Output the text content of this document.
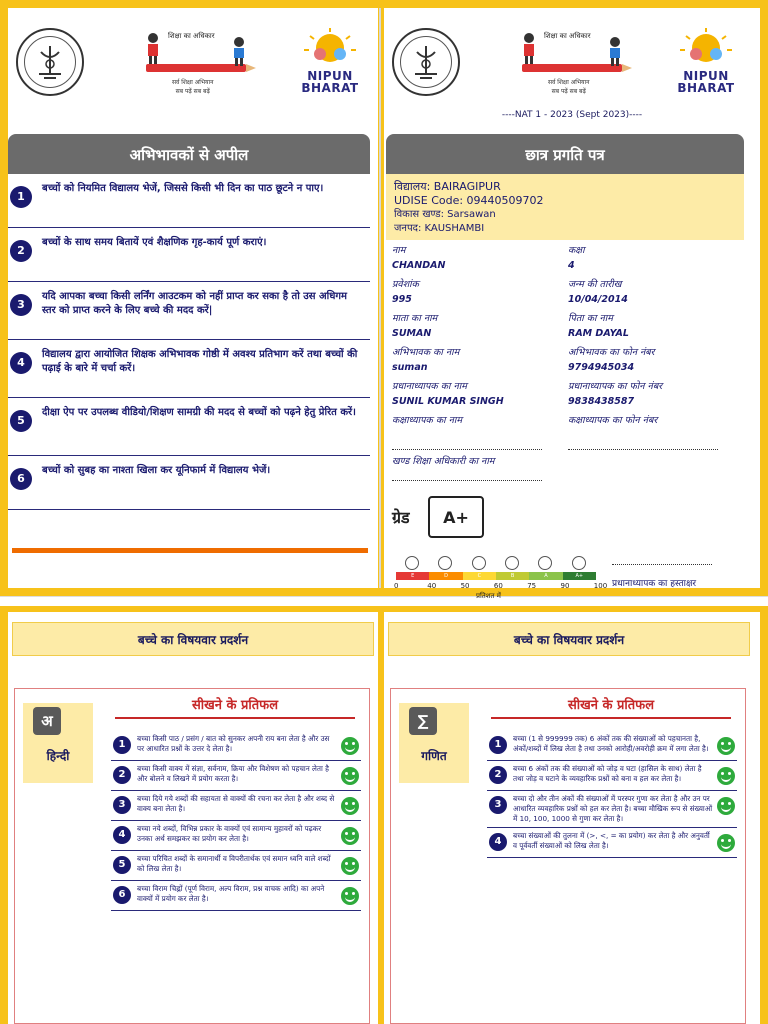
शिक्षा का अधिकार
सर्व शिक्षा अभियान
सब पढ़ें सब बढ़ें
NIPUN
BHARAT
अभिभावकों से अपील
1
बच्चों को नियमित विद्यालय भेजें, जिससे किसी भी दिन का पाठ छूटने न पाए।
2
बच्चों के साथ समय बितायें एवं शैक्षणिक गृह-कार्य पूर्ण कराएं।
3
यदि आपका बच्चा किसी लर्निंग आउटकम को नहीं प्राप्त कर सका है तो उस अधिगम स्तर को प्राप्त करने के लिए बच्चे की मदद करें|
4
विद्यालय द्वारा आयोजित शिक्षक अभिभावक गोष्ठी में अवश्य प्रतिभाग करें तथा बच्चों की पढ़ाई के बारे में चर्चा करें।
5
दीक्षा ऐप पर उपलब्ध वीडियो/शिक्षण सामग्री की मदद से बच्चों को पढ़ने हेतु प्रेरित करें।
6
बच्चों को सुबह का नाश्ता खिला कर यूनिफार्म में विद्यालय भेजें।
शिक्षा का अधिकार
सर्व शिक्षा अभियान
सब पढ़ें सब बढ़ें
NIPUN
BHARAT
----NAT 1 - 2023 (Sept 2023)----
छात्र प्रगति पत्र
विद्यालय: BAIRAGIPUR
UDISE Code: 09440509702
विकास खण्ड: Sarsawan
जनपद: KAUSHAMBI
नाम	कक्षा
CHANDAN	4
प्रवेशांक	जन्म की तारीख
995	10/04/2014
माता का नाम	पिता का नाम
SUMAN	RAM DAYAL
अभिभावक का नाम	अभिभावक का फोन नंबर
suman	9794945034
प्रधानाध्यापक का नाम	प्रधानाध्यापक का फोन नंबर
SUNIL KUMAR SINGH	9838438587
कक्षाध्यापक का नाम	कक्षाध्यापक का फोन नंबर
खण्ड शिक्षा अधिकारी का नाम
ग्रेड	A+
E	D	C	B	A	A+
0	40	50	60	75	90	100
प्रतिशत में
प्रधानाध्यापक का हस्ताक्षर
बच्चे का विषयवार प्रदर्शन
अ
हिन्दी
सीखने के प्रतिफल
1
बच्चा किसी पाठ / प्रसंग / बात को सुनकर अपनी राय बना लेता है और उस पर आधारित प्रश्नों के उत्तर दे लेता है।
2
बच्चा किसी वाक्य में संज्ञा, सर्वनाम, क्रिया और विशेषण को पहचान लेता है और बोलने व लिखने में प्रयोग करता है।
3
बच्चा दिये गये शब्दों की सहायता से वाक्यों की रचना कर लेता है और शब्द से वाक्य बना लेता है।
4
बच्चा नये शब्दों, विभिन्न प्रकार के वाक्यों एवं सामान्य मुहावरों को पढ़कर उनका अर्थ समझकर का प्रयोग कर लेता है।
5
बच्चा परिचित शब्दों के समानार्थी व विपरीतार्थक एवं समान ध्वनि वाले शब्दों को लिख लेता है।
6
बच्चा विराम चिह्नों (पूर्ण विराम, अल्प विराम, प्रश्न वाचक आदि) का अपने वाक्यों में प्रयोग कर लेता है।
बच्चे का विषयवार प्रदर्शन
∑
गणित
सीखने के प्रतिफल
1
बच्चा (1 से 999999 तक) 6 अंकों तक की संख्याओं को पहचानता है, अंकों/शब्दों में लिख लेता है तथा उनको आरोही/अवरोही क्रम में लगा लेता है।
2
बच्चा 6 अंकों तक की संख्याओं को जोड़ व घटा (हासिल के साथ) लेता है तथा जोड़ व घटाने के व्यवहारिक प्रश्नों को बना व हल कर लेता है।
3
बच्चा दो और तीन अंकों की संख्याओं में परस्पर गुणा कर लेता है और उन पर आधारित व्यवहारिक प्रश्नों को हल कर लेता है। बच्चा मौखिक रूप से संख्याओं में 10, 100, 1000 से गुणा कर लेता है।
4
बच्चा संख्याओं की तुलना में (>, <, = का प्रयोग) कर लेता है और अनुवर्ती व पूर्ववर्ती संख्याओं को लिख लेता है।
